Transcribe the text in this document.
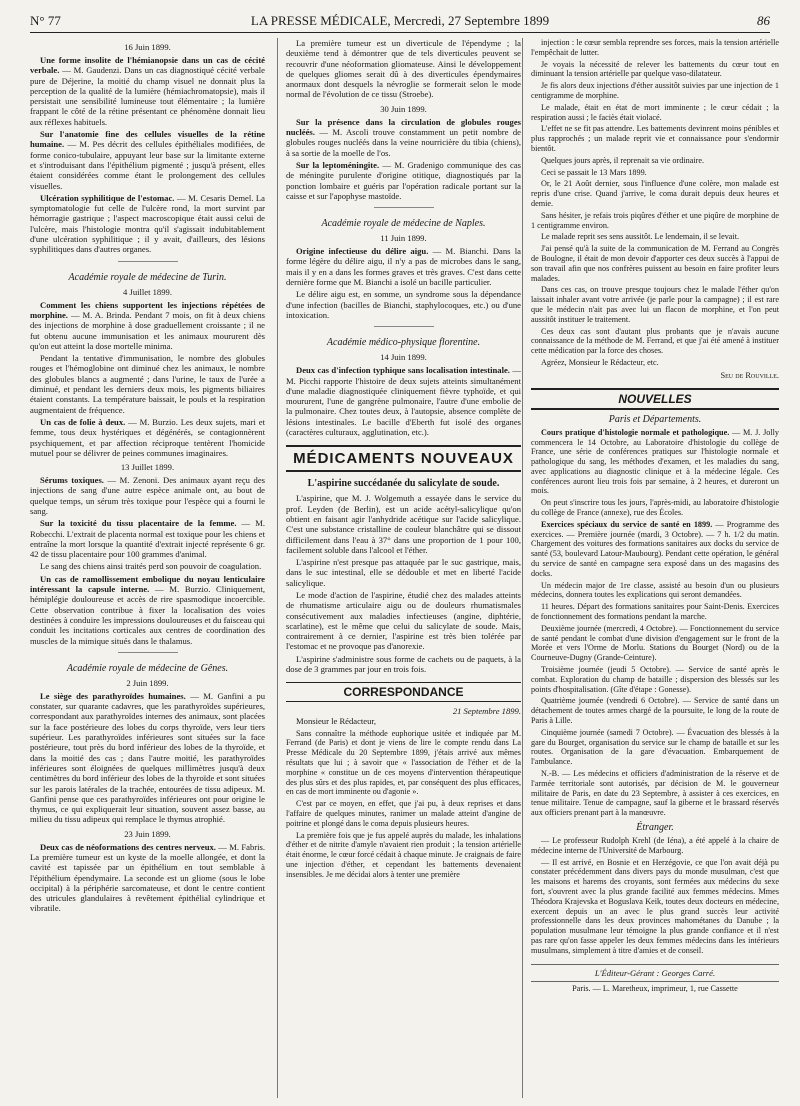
N° 77	LA PRESSE MÉDICALE, Mercredi, 27 Septembre 1899	86
16 Juin 1899.

Une forme insolite de l'hémianopsie dans un cas de cécité verbale. — M. Gaudenzi. Dans un cas diagnostiqué cécité verbale pure de Déjerine, la moitié du champ visuel ne donnait plus la perception de la qualité de la lumière (hémiachromatopsie), mais il persistait une sensibilité lumineuse tout élémentaire ; la lumière frappant le côté de la rétine présentant ce phénomène donnait lieu aux réflexes habituels.

Sur l'anatomie fine des cellules visuelles de la rétine humaine. — M. Pes décrit des cellules épithéliales modifiées, de forme conico-tubulaire, appuyant leur base sur la limitante externe et s'introduisant dans l'épithélium pigmenté ; jusqu'à présent, elles étaient considérées comme étant le prolongement des cellules visuelles.

Ulcération syphilitique de l'estomac. — M. Cesaris Demel. La symptomatologie fut celle de l'ulcère rond, la mort survint par hémorragie gastrique ; l'aspect macroscopique était aussi celui de l'ulcère, mais l'histologie montra qu'il s'agissait indubitablement d'une ulcération syphilitique ; il y avait, d'ailleurs, des lésions syphilitiques dans d'autres organes.

Académie royale de médecine de Turin.
4 Juillet 1899.

Comment les chiens supportent les injections répétées de morphine. — M. A. Brinda. Pendant 7 mois, on fit à deux chiens des injections de morphine à dose graduellement croissante ; il ne fut obtenu aucune immunisation et les animaux moururent dès qu'on eut atteint la dose mortelle minima.

Pendant la tentative d'immunisation, le nombre des globules rouges et l'hémoglobine ont diminué chez les animaux, le nombre des globules blancs a augmenté ; dans l'urine, le taux de l'urée a diminué, et pendant les derniers deux mois, les pigments biliaires étaient constants. La température baissait, le pouls et la respiration augmentaient de fréquence.

Un cas de folie à deux. — M. Burzio. Les deux sujets, mari et femme, tous deux hystériques et dégénérés, se contagionnèrent psychiquement, et par affection réciproque tentèrent l'homicide mutuel pour se délivrer de peines communes imaginaires.

13 Juillet 1899.

Sérums toxiques. — M. Zenoni. Des animaux ayant reçu des injections de sang d'une autre espèce animale ont, au bout de quelque temps, un sérum très toxique pour l'espèce qui a fourni le sang.

Sur la toxicité du tissu placentaire de la femme. — M. Robecchi. L'extrait de placenta normal est toxique pour les chiens et entraîne la mort lorsque la quantité d'extrait injecté représente 6 gr. 42 de tissu placentaire pour 100 grammes d'animal.

Le sang des chiens ainsi traités perd son pouvoir de coagulation.

Un cas de ramollissement embolique du noyau lenticulaire intéressant la capsule interne. — M. Burzio. Cliniquement, hémiplégie douloureuse et accès de rire spasmodique incoercible. Cette observation contribue à fixer la localisation des voies destinées à conduire les impressions douloureuses et du faisceau qui conduit les incitations corticales aux centres de coordination des muscles de la mimique situés dans le thalamus.

Académie royale de médecine de Gênes.
2 Juin 1899.

Le siège des parathyroïdes humaines. — M. Ganfini a pu constater, sur quarante cadavres, que les parathyroïdes supérieures, correspondant aux parathyroïdes internes des animaux, sont placées sur la face postérieure des lobes du corps thyroïde, vers leur tiers supérieur. Les parathyroïdes inférieures sont situées sur la face postérieure, tout près du bord inférieur des lobes de la thyroïde, et dans la moitié des cas ; dans l'autre moitié, les parathyroïdes inférieures sont éloignées de quelques millimètres jusqu'à deux centimètres du bord inférieur des lobes de la thyroïde et sont situées sur les parois latérales de la trachée, entourées de tissu adipeux. M. Ganfini pense que ces parathyroïdes inférieures ont pour origine le thymus, ce qui expliquerait leur situation, souvent assez basse, au milieu du tissu adipeux qui remplace le thymus atrophié.

23 Juin 1899.

Deux cas de néoformations des centres nerveux. — M. Fabris. La première tumeur est un kyste de la moelle allongée, et dont la cavité est tapissée par un épithélium en tout semblable à l'épithélium épendymaire. La seconde est un gliome (sous le lobe occipital) à la périphérie sarcomateuse, et dont le centre contient des utricules glandulaires à revêtement épithélial cylindrique et vibratile.

La première tumeur est un diverticule de l'épendyme ; la deuxième tend à démontrer que de tels diverticules peuvent se recouvrir d'une néoformation gliomateuse. Ainsi le développement de quelques gliomes serait dû à des diverticules épendymaires anormaux dont desquels la névroglie se formerait selon le mode normal de l'évolution de ce tissu (Stroebe).

30 Juin 1899.

Sur la présence dans la circulation de globules rouges nucléés. — M. Ascoli trouve constamment un petit nombre de globules rouges nucléés dans la veine nourricière du tibia (chiens), à sa sortie de la moelle de l'os.

Sur la leptoméningite. — M. Gradenigo communique des cas de méningite purulente d'origine otitique, diagnostiqués par la ponction lombaire et guéris par l'opération radicale portant sur la caisse et sur l'apophyse mastoïde.

Académie royale de médecine de Naples.
11 Juin 1899.

Origine infectieuse du délire aigu. — M. Bianchi. Dans la forme légère du délire aigu, il n'y a pas de microbes dans le sang, mais il y en a dans les formes graves et très graves. C'est dans cette dernière forme que M. Bianchi a isolé un bacille particulier.

Le délire aigu est, en somme, un syndrome sous la dépendance d'une infection (bacilles de Bianchi, staphylocoques, etc.) ou d'une intoxication.

Académie médico-physique florentine.
14 Juin 1899.

Deux cas d'infection typhique sans localisation intestinale. — M. Picchi rapporte l'histoire de deux sujets atteints simultanément d'une maladie diagnostiquée cliniquement fièvre typhoïde, et qui moururent, l'une de gangrène pulmonaire, l'autre d'une embolie de la pulmonaire. Chez toutes deux, à l'autopsie, absence complète de lésions intestinales. Le bacille d'Eberth fut isolé des organes (caractères culturaux, agglutination, etc.).

MÉDICAMENTS NOUVEAUX
L'aspirine succédanée du salicylate de soude.

L'aspirine, que M. J. Wolgemuth a essayée dans le service du prof. Leyden (de Berlin), est un acide acétyl-salicylique qu'on obtient en faisant agir l'anhydride acétique sur l'acide salicylique. C'est une substance cristalline de couleur blanchâtre qui se dissout difficilement dans l'eau à 37° dans une proportion de 1 pour 100, facilement soluble dans l'alcool et l'éther.

L'aspirine n'est presque pas attaquée par le suc gastrique, mais, dans le suc intestinal, elle se dédouble et met en liberté l'acide salicylique.

Le mode d'action de l'aspirine, étudié chez des malades atteints de rhumatisme articulaire aigu ou de douleurs rhumatismales consécutivement aux maladies infectieuses (angine, diphtérie, scarlatine), est le même que celui du salicylate de soude. Mais, contrairement à ce dernier, l'aspirine est très bien tolérée par l'estomac et ne provoque pas d'anorexie.

L'aspirine s'administre sous forme de cachets ou de paquets, à la dose de 3 grammes par jour en trois fois.

CORRESPONDANCE
21 Septembre 1899.

Monsieur le Rédacteur,

Sans connaître la méthode euphorique usitée et indiquée par M. Ferrand (de Paris) et dont je viens de lire le compte rendu dans La Presse Médicale du 20 Septembre 1899, j'étais arrivé aux mêmes résultats que lui ; à savoir que « l'association de l'éther et de la morphine « constitue un de ces moyens d'intervention thérapeutique des plus sûrs et des plus rapides, et, par conséquent des plus efficaces, en cas de mort imminente ou d'agonie ».

C'est par ce moyen, en effet, que j'ai pu, à deux reprises et dans l'affaire de quelques minutes, ranimer un malade atteint d'angine de poitrine et plongé dans le coma depuis plusieurs heures.

La première fois que je fus appelé auprès du malade, les inhalations d'éther et de nitrite d'amyle n'avaient rien produit ; la tension artérielle était énorme, le cœur forcé cédait à chaque minute. Je craignais de faire une injection d'éther, et cependant les battements devenaient insensibles. Je me décidai alors à tenter une première

injection : le cœur sembla reprendre ses forces, mais la tension artérielle l'empêchait de lutter.

Je voyais la nécessité de relever les battements du cœur tout en diminuant la tension artérielle par quelque vaso-dilatateur.

Je fis alors deux injections d'éther aussitôt suivies par une injection de 1 centigramme de morphine.

Le malade, était en état de mort imminente ; le cœur cédait ; la respiration aussi ; le faciès était violacé.

L'effet ne se fit pas attendre. Les battements devinrent moins pénibles et plus rapprochés ; un malade reprit vie et connaissance pour s'endormir bientôt.

Quelques jours après, il reprenait sa vie ordinaire.

Ceci se passait le 13 Mars 1899.

Or, le 21 Août dernier, sous l'influence d'une colère, mon malade est repris d'une crise. Quand j'arrive, le coma durait depuis deux heures et demie.

Sans hésiter, je refais trois piqûres d'éther et une piqûre de morphine de 1 centigramme environ.

Le malade reprit ses sens aussitôt. Le lendemain, il se levait.

J'ai pensé qu'à la suite de la communication de M. Ferrand au Congrès de Boulogne, il était de mon devoir d'apporter ces deux succès à l'appui de son travail afin que nos confrères puissent au besoin en faire profiter leurs malades.

Dans ces cas, on trouve presque toujours chez le malade l'éther qu'on laissait inhaler avant votre arrivée (je parle pour la campagne) ; il est rare que le médecin n'ait pas avec lui un flacon de morphine, et l'on peut aussitôt instituer le traitement.

Ces deux cas sont d'autant plus probants que je n'avais aucune connaissance de la méthode de M. Ferrand, et que j'ai été amené à instituer cette médication par la force des choses.

Agréez, Monsieur le Rédacteur, etc.

Seu de Rouville.
NOUVELLES
Paris et Départements.

Cours pratique d'histologie normale et pathologique. — M. J. Jolly commencera le 14 Octobre, au Laboratoire d'histologie du collège de France, une série de conférences pratiques sur l'histologie normale et pathologique du sang, les méthodes d'examen, et les maladies du sang, avec applications au diagnostic clinique et à la médecine légale. Ces conférences auront lieu trois fois par semaine, à 2 heures, et dureront un mois.

On peut s'inscrire tous les jours, l'après-midi, au laboratoire d'histologie du collège de France (annexe), rue des Écoles.

Exercices spéciaux du service de santé en 1899. — Programme des exercices. — Première journée (mardi, 3 Octobre). — 7 h. 1/2 du matin. Chargement des voitures des formations sanitaires aux docks du service de santé (53, boulevard Latour-Maubourg). Pendant cette opération, le général du service de santé en campagne sera exposé dans un des magasins des docks.

Un médecin major de 1re classe, assisté au besoin d'un ou plusieurs médecins, donnera toutes les explications qui seront demandées.

11 heures. Départ des formations sanitaires pour Saint-Denis. Exercices de fonctionnement des formations pendant la marche.

Deuxième journée (mercredi, 4 Octobre). — Fonctionnement du service de santé pendant le combat d'une division d'engagement sur le front de la Morée et vers l'Orme de Morlu. Stations du Bourget (Nord) ou de la Courneuve-Dugny (Grande-Ceinture).

Troisième journée (jeudi 5 Octobre). — Service de santé après le combat. Exploration du champ de bataille ; dispersion des blessés sur les points d'hospitalisation. (Gîte d'étape : Gonesse).

Quatrième journée (vendredi 6 Octobre). — Service de santé dans un détachement de toutes armes chargé de la poursuite, le long de la route de Paris à Lille.

Cinquième journée (samedi 7 Octobre). — Évacuation des blessés à la gare du Bourget, organisation du service sur le champ de bataille et sur les routes. Organisation de la gare d'évacuation. Embarquement de l'ambulance.

N.-B. — Les médecins et officiers d'administration de la réserve et de l'armée territoriale sont autorisés, par décision de M. le gouverneur militaire de Paris, en date du 23 Septembre, à assister à ces exercices, en tenue militaire. Tenue de campagne, sauf la giberne et le brassard réservés aux officiers prenant part à la manœuvre.

Étranger.

— Le professeur Rudolph Krehl (de Iéna), a été appelé à la chaire de médecine interne de l'Université de Marbourg.

— Il est arrivé, en Bosnie et en Herzégovie, ce que l'on avait déjà pu constater précédemment dans divers pays du monde musulman, c'est que les maisons et harems des croyants, sont fermées aux médecins du sexe fort, s'ouvrent avec la plus grande facilité aux femmes médecins. Mmes Théodora Krajevska et Boguslava Keik, toutes deux docteurs en médecine, exercent depuis un an avec le plus grand succès leur activité professionnelle dans les deux provinces mahométanes du Danube ; la population musulmane leur témoigne la plus grande confiance et il n'est pas rare qu'on fasse appeler les deux femmes médecins dans les intérieurs musulmans, simplement à titre d'amies et de conseil.

L'Éditeur-Gérant : Georges Carré.
Paris. — L. Maretheux, imprimeur, 1, rue Cassette
